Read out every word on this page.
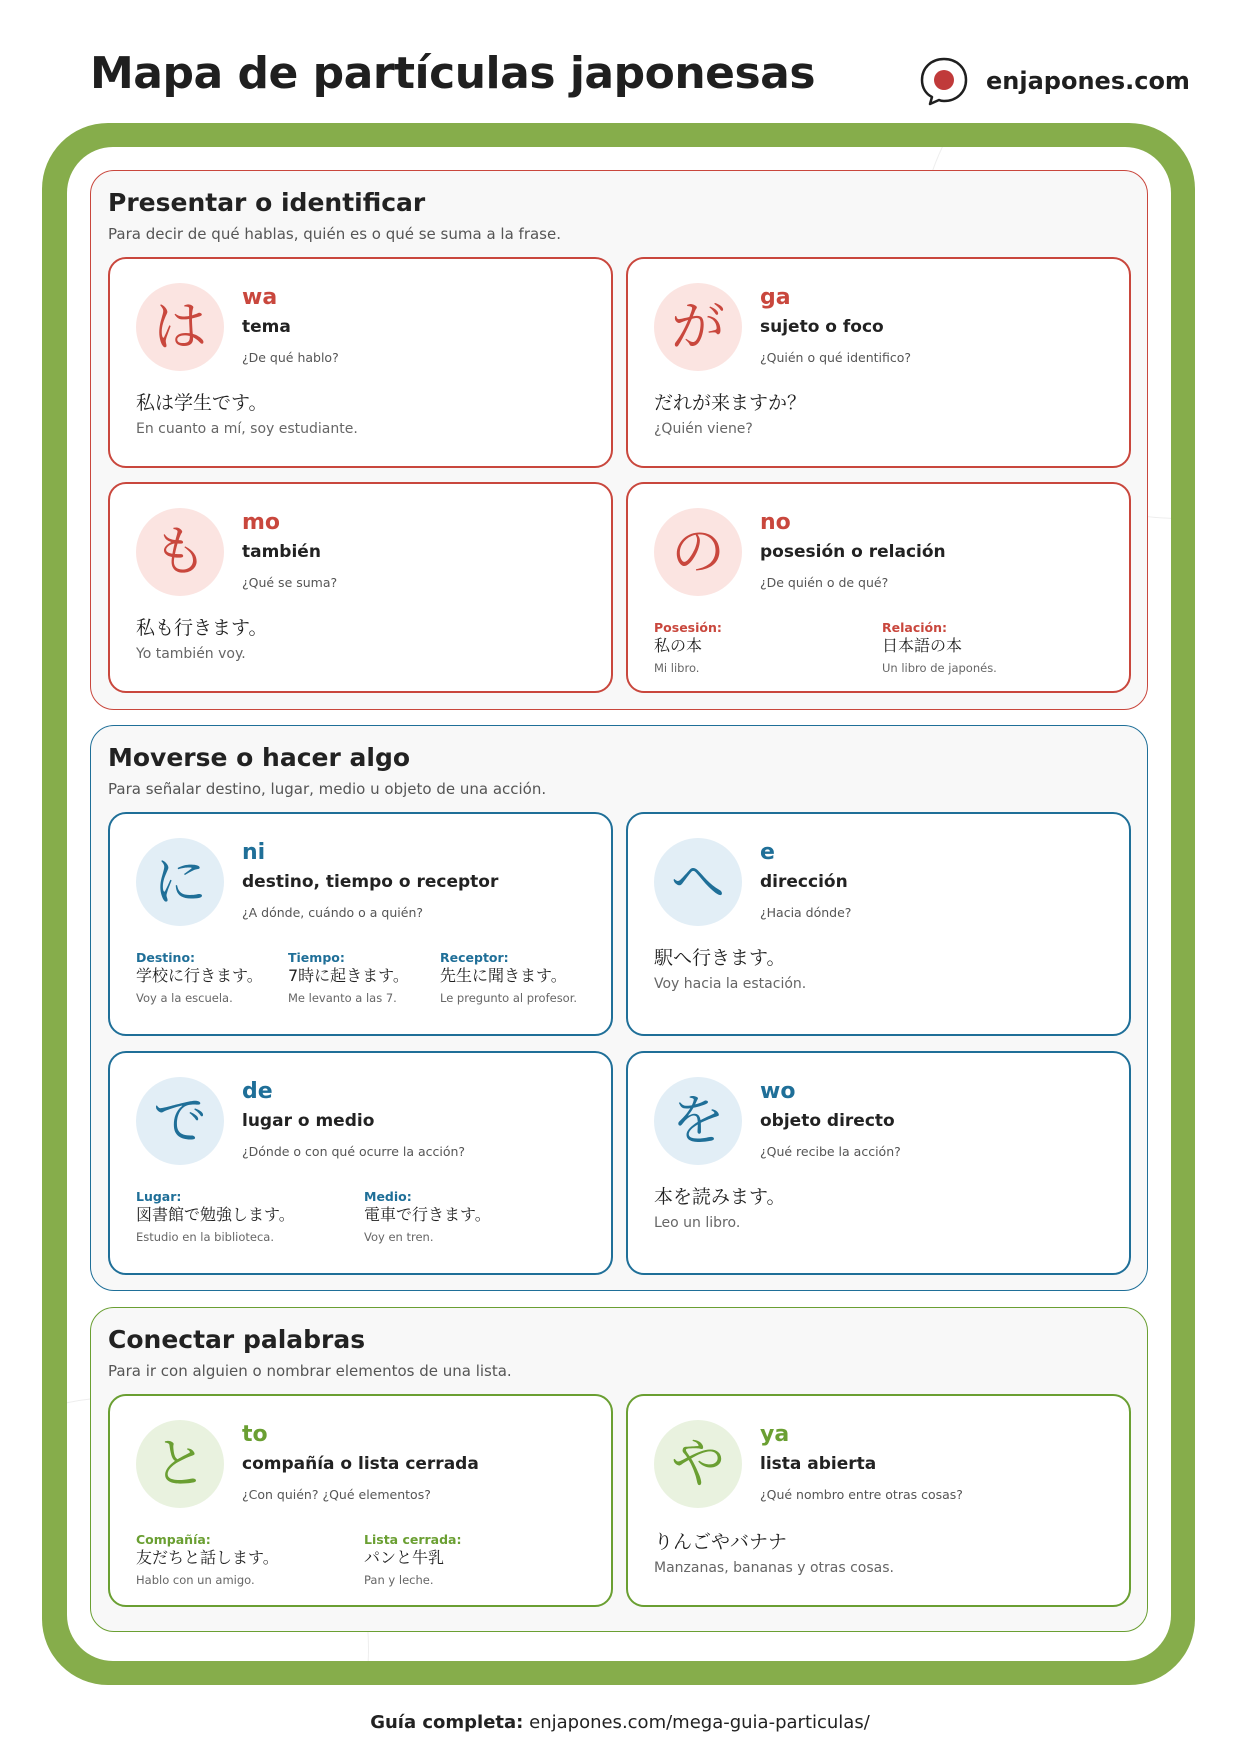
Mapa de partículas japonesas	enjapones.com
Presentar o identificar
Para decir de qué hablas, quién es o qué se suma a la frase.
は	wa
tema
¿De qué hablo?
私は学生です。
En cuanto a mí, soy estudiante.
が	ga
sujeto o foco
¿Quién o qué identifico?
だれが来ますか？
¿Quién viene?
も	mo
también
¿Qué se suma?
私も行きます。
Yo también voy.
の	no
posesión o relación
¿De quién o de qué?
Posesión:
私の本
Mi libro.
Relación:
日本語の本
Un libro de japonés.
Moverse o hacer algo
Para señalar destino, lugar, medio u objeto de una acción.
に	ni
destino, tiempo o receptor
¿A dónde, cuándo o a quién?
Destino:
学校に行きます。
Voy a la escuela.
Tiempo:
7時に起きます。
Me levanto a las 7.
Receptor:
先生に聞きます。
Le pregunto al profesor.
へ	e
dirección
¿Hacia dónde?
駅へ行きます。
Voy hacia la estación.
で	de
lugar o medio
¿Dónde o con qué ocurre la acción?
Lugar:
図書館で勉強します。
Estudio en la biblioteca.
Medio:
電車で行きます。
Voy en tren.
を	wo
objeto directo
¿Qué recibe la acción?
本を読みます。
Leo un libro.
Conectar palabras
Para ir con alguien o nombrar elementos de una lista.
と	to
compañía o lista cerrada
¿Con quién? ¿Qué elementos?
Compañía:
友だちと話します。
Hablo con un amigo.
Lista cerrada:
パンと牛乳
Pan y leche.
や	ya
lista abierta
¿Qué nombro entre otras cosas?
りんごやバナナ
Manzanas, bananas y otras cosas.
Guía completa: enjapones.com/mega-guia-particulas/
